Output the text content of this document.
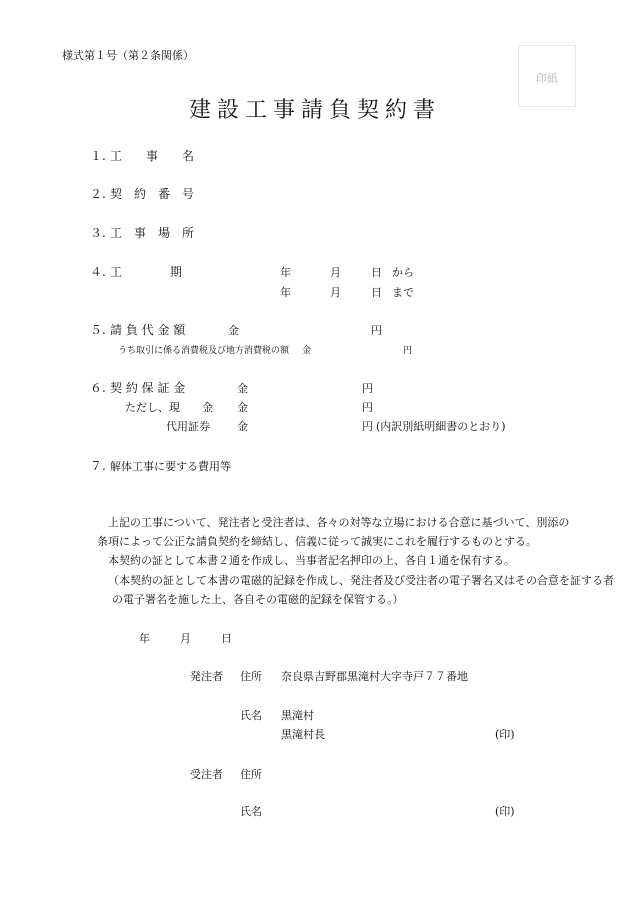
様式第１号（第２条関係）
印紙
建設工事請負契約書
１. 工　　事　　名
２. 契　約　番　号
３. 工　事　場　所
４. 工　　　　期	年	月	日 から
年	月	日 まで
５. 請 負 代 金 額	金	円
うち取引に係る消費税及び地方消費税の額 金	円
６. 契 約 保 証 金	金	円
ただし、現　　金 金	円
代用証券 金	円 (内訳別紙明細書のとおり)
７. 解体工事に要する費用等
上記の工事について、発注者と受注者は、各々の対等な立場における合意に基づいて、別添の
条項によって公正な請負契約を締結し、信義に従って誠実にこれを履行するものとする。
本契約の証として本書２通を作成し、当事者記名押印の上、各自１通を保有する。
（本契約の証として本書の電磁的記録を作成し、発注者及び受注者の電子署名又はその合意を証する者
の電子署名を施した上、各自その電磁的記録を保管する。）
年	月	日
発注者 住所 奈良県吉野郡黒滝村大字寺戸７７番地
氏名 黒滝村
黒滝村長	(印)
受注者 住所
氏名	(印)
